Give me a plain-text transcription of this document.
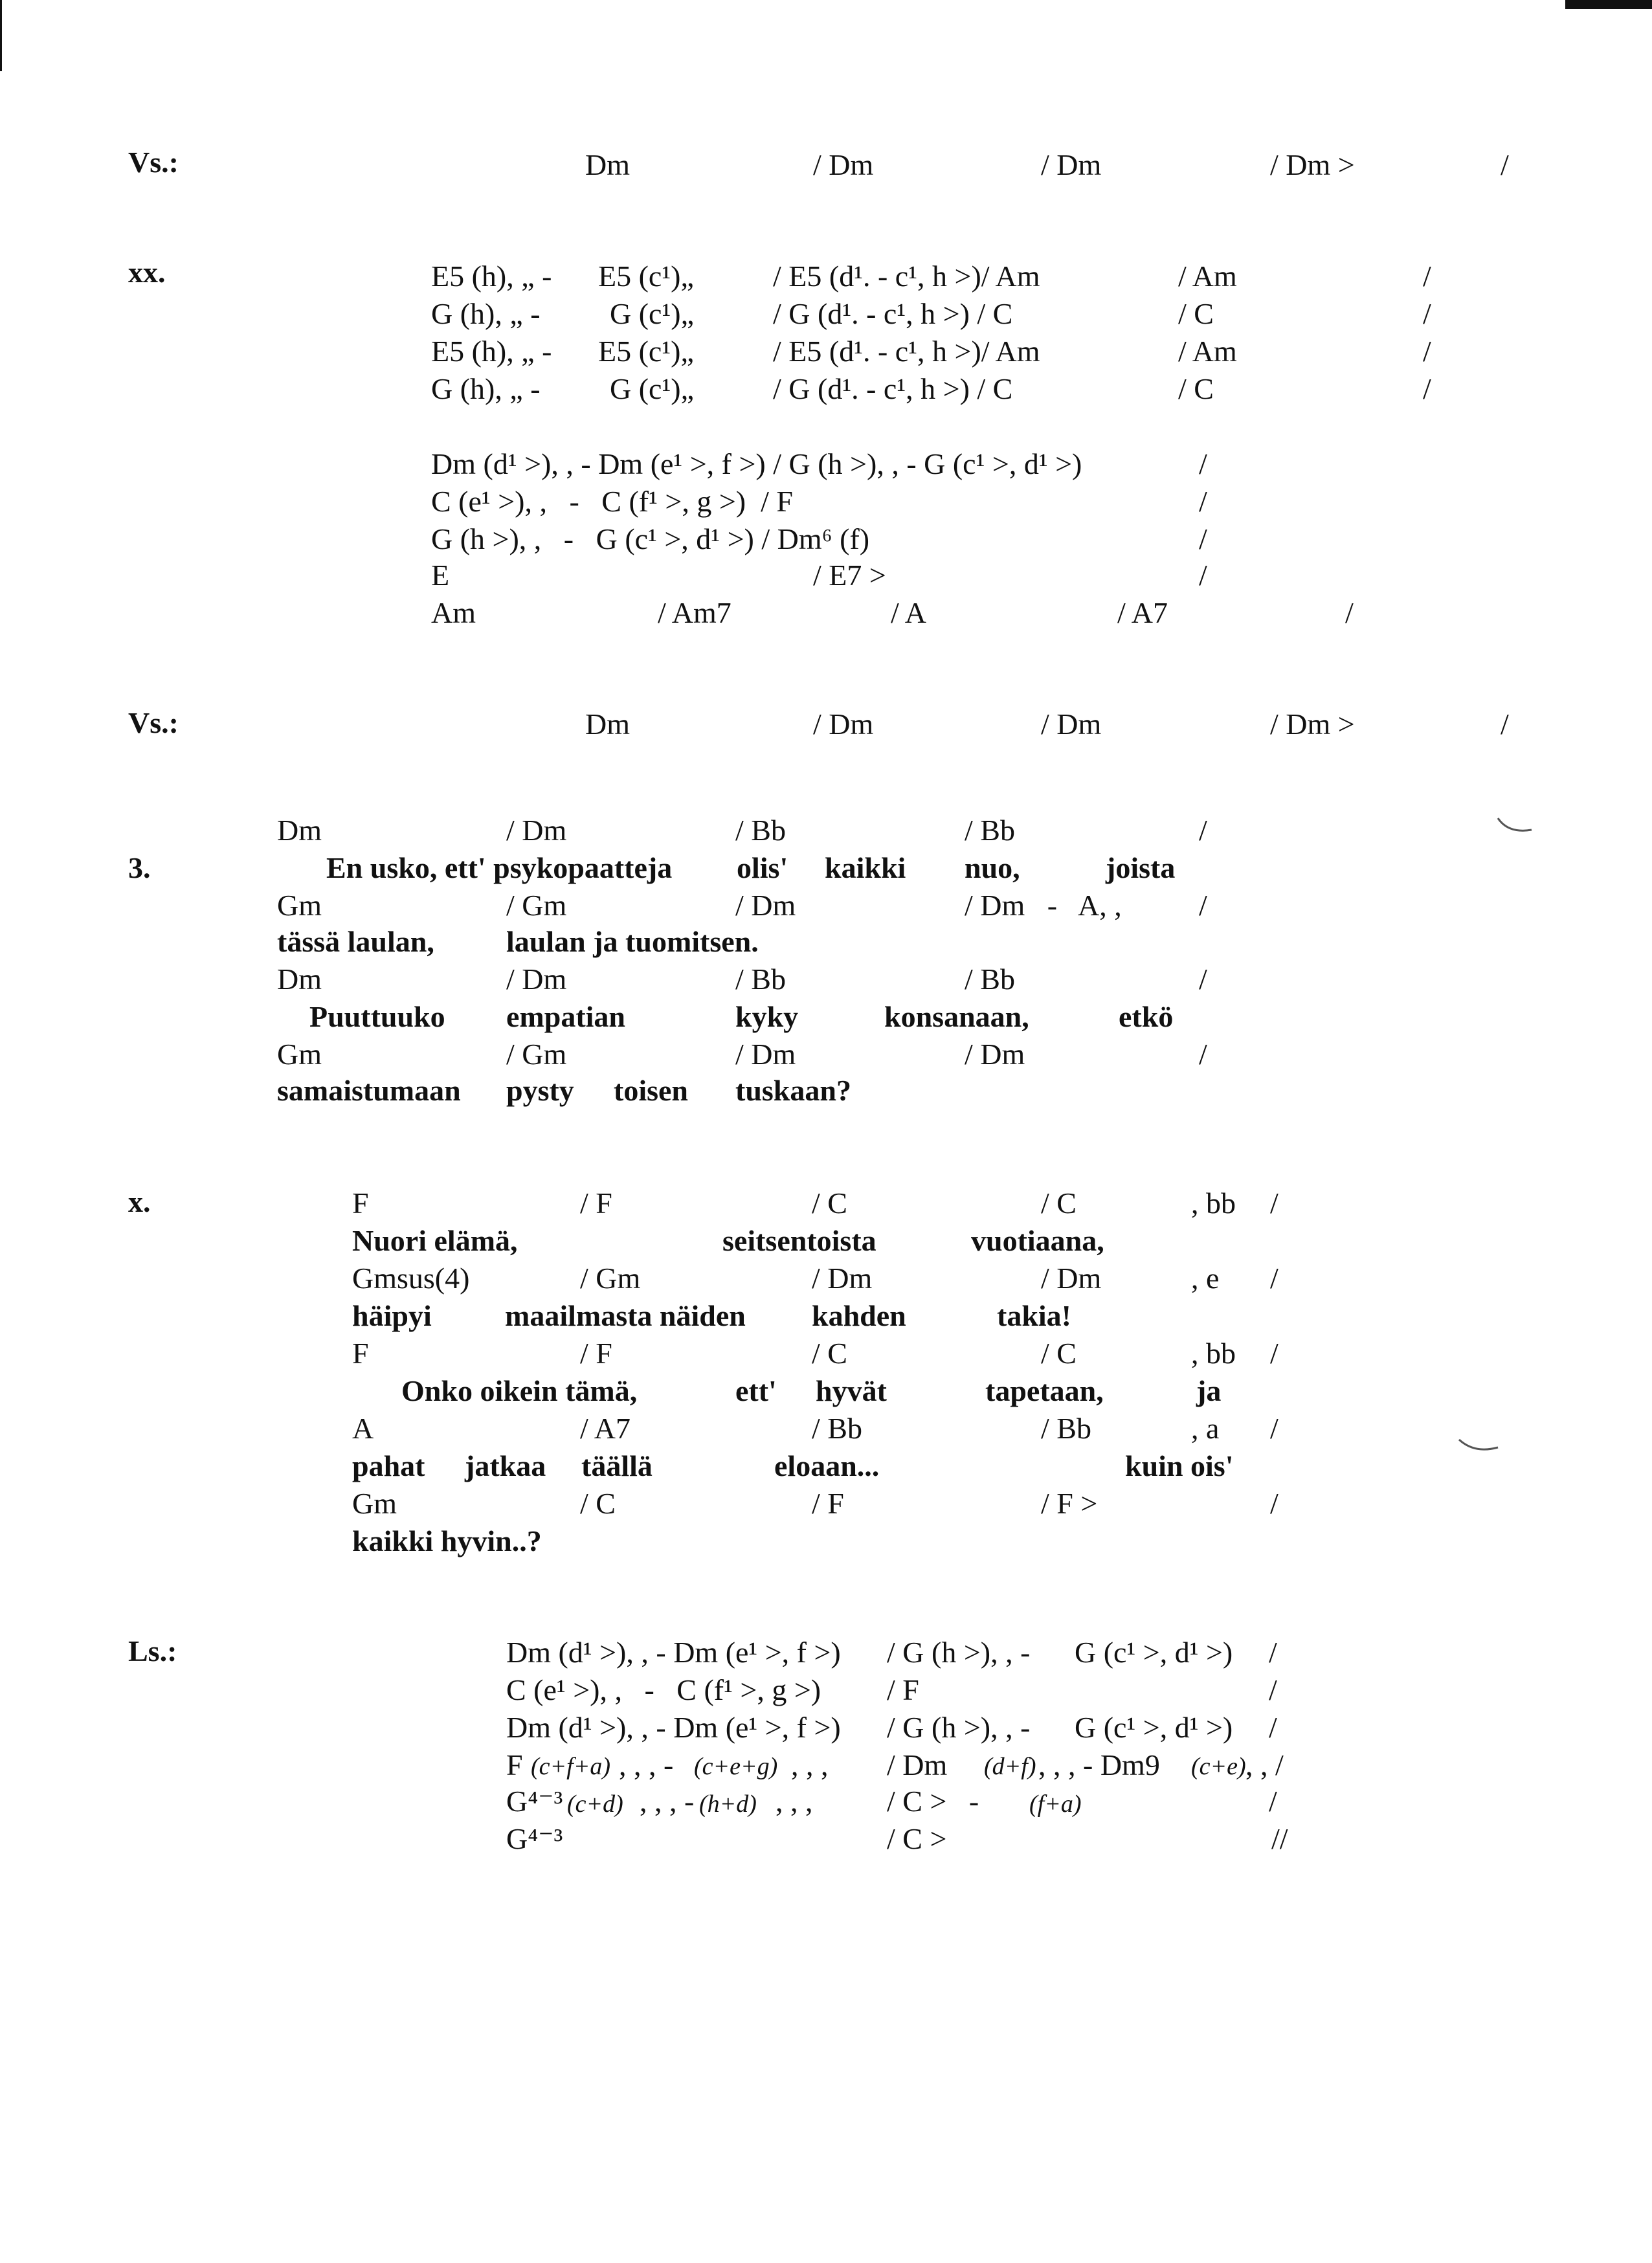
Vs.:	Dm	/ Dm	/ Dm	/ Dm >	/
xx.	E5 (h), „ - E5 (c¹)„	/ E5 (d¹. - c¹, h >)/ Am	/ Am	/
G (h), „ - G (c¹)„	/ G (d¹. - c¹, h >) / C	/ C	/
E5 (h), „ - E5 (c¹)„	/ E5 (d¹. - c¹, h >)/ Am	/ Am	/
G (h), „ - G (c¹)„	/ G (d¹. - c¹, h >) / C	/ C	/
Dm (d¹ >), , - Dm (e¹ >, f >) / G (h >), , - G (c¹ >, d¹ >)	/
C (e¹ >), ,   -   C (f¹ >, g >)  / F	/
G (h >), ,   -   G (c¹ >, d¹ >) / Dm⁶ (f)	/
E	/ E7 >	/
Am	/ Am7	/ A	/ A7	/
Vs.:	Dm	/ Dm	/ Dm	/ Dm >	/
3.
Dm	/ Dm	/ Bb	/ Bb	/
En usko, ett' psykopaatteja olis' kaikki nuo,	joista
Gm	/ Gm	/ Dm	/ Dm   -   A, ,	/
tässä laulan, laulan ja tuomitsen.
Dm	/ Dm	/ Bb	/ Bb	/
Puuttuuko empatian	kyky	konsanaan,	etkö
Gm	/ Gm	/ Dm	/ Dm	/
samaistumaan pysty toisen tuskaan?
x.	F	/ F	/ C	/ C	, bb /
Nuori elämä,	seitsentoista	vuotiaana,
Gmsus(4)	/ Gm	/ Dm	/ Dm	, e /
häipyi maailmasta näiden kahden	takia!
F	/ F	/ C	/ C	, bb /
Onko oikein tämä,	ett' hyvät	tapetaan,	ja
A	/ A7	/ Bb	/ Bb	, a /
pahat jatkaa täällä	eloaan...	kuin ois'
Gm	/ C	/ F	/ F >	/
kaikki hyvin..?
Ls.:	Dm (d¹ >), , - Dm (e¹ >, f >) / G (h >), , - G (c¹ >, d¹ >) /
C (e¹ >), ,   -   C (f¹ >, g >) / F	/
Dm (d¹ >), , - Dm (e¹ >, f >) / G (h >), , - G (c¹ >, d¹ >) /
F (c+f+a) , , , - (c+e+g) , , , / Dm (d+f) , , , - Dm9 (c+e) , , /
G⁴⁻³ (c+d) , , , - (h+d) , , , / C >   - (f+a)	/
G⁴⁻³	/ C >	//
